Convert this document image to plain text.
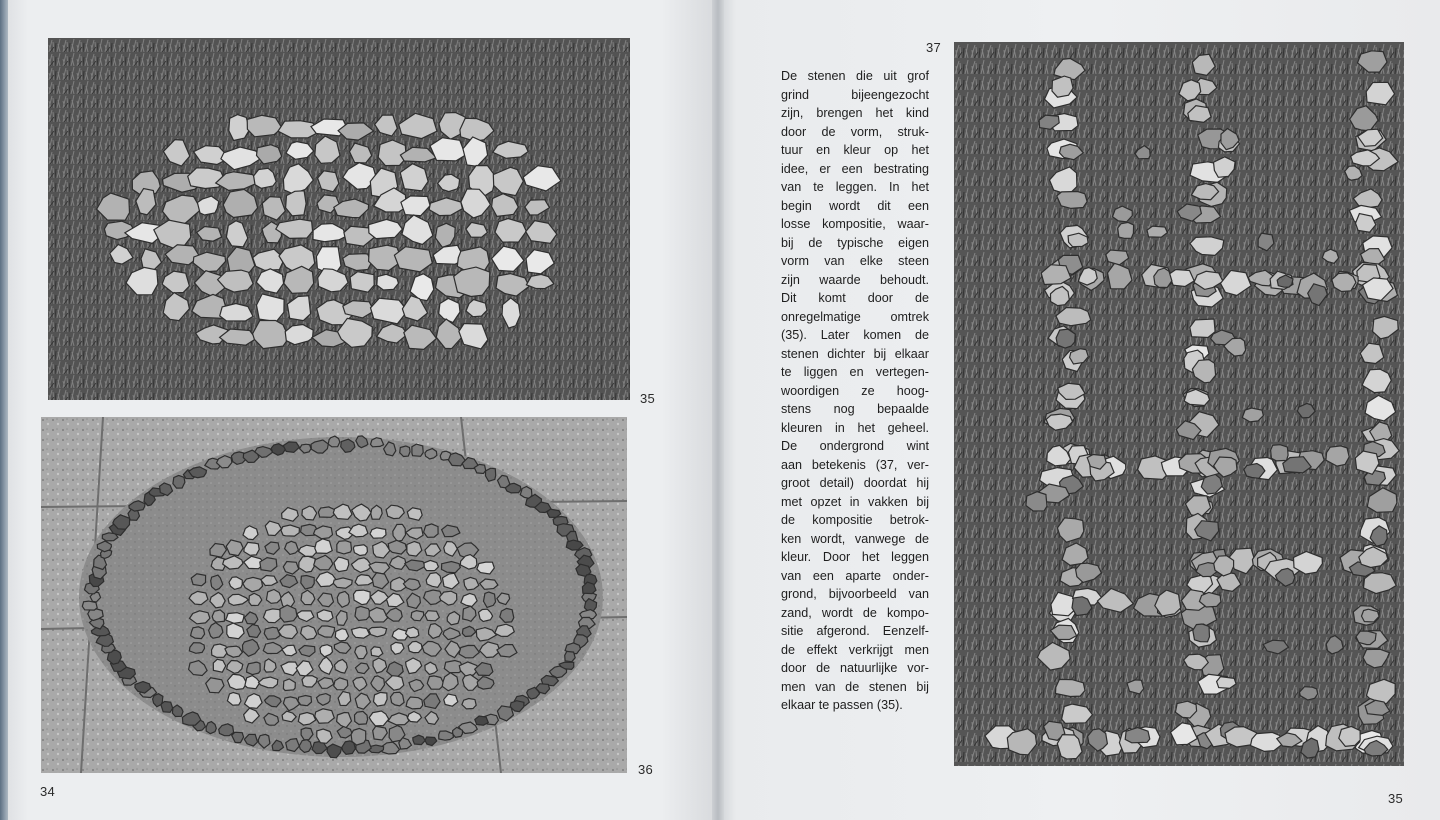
35
36
34
37

De stenen die uit grof
grind bijeengezocht
zijn, brengen het kind
door de vorm, struk-
tuur en kleur op het
idee, er een bestrating
van te leggen. In het
begin wordt dit een
losse kompositie, waar-
bij de typische eigen
vorm van elke steen
zijn waarde behoudt.
Dit komt door de
onregelmatige omtrek
(35). Later komen de
stenen dichter bij elkaar
te liggen en vertegen-
woordigen ze hoog-
stens nog bepaalde
kleuren in het geheel.
De ondergrond wint
aan betekenis (37, ver-
groot detail) doordat hij
met opzet in vakken bij
de kompositie betrok-
ken wordt, vanwege de
kleur. Door het leggen
van een aparte onder-
grond, bijvoorbeeld van
zand, wordt de kompo-
sitie afgerond. Eenzelf-
de effekt verkrijgt men
door de natuurlijke vor-
men van de stenen bij
elkaar te passen (35).

35
